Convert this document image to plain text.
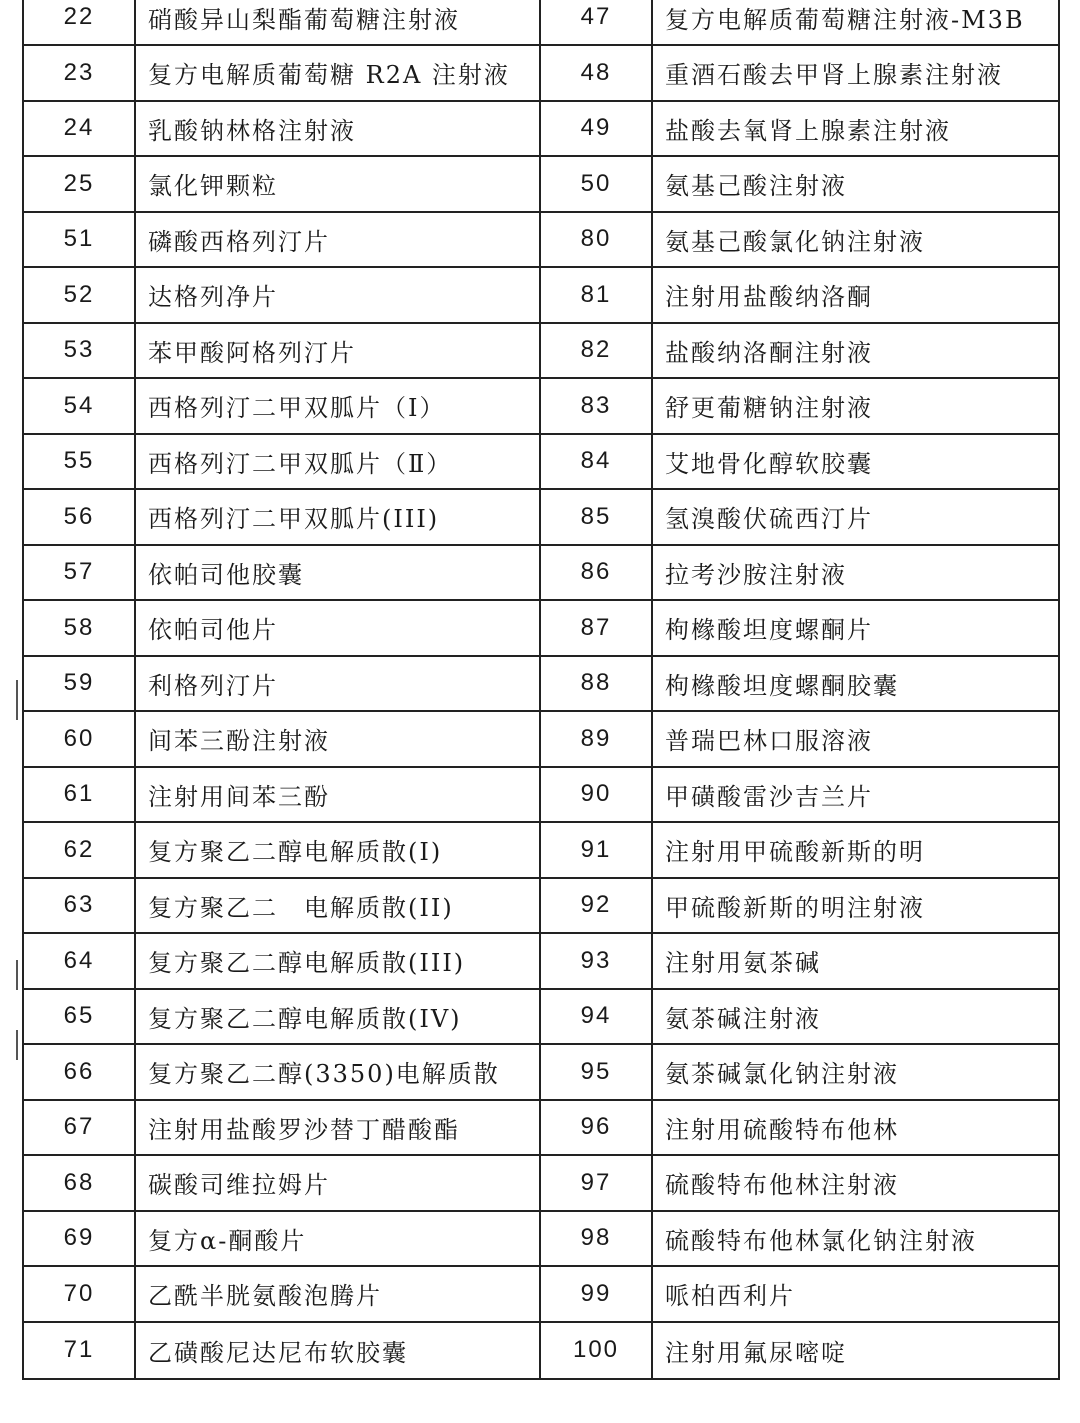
22	硝酸异山梨酯葡萄糖注射液	47	复方电解质葡萄糖注射液-M3B
23	复方电解质葡萄糖 R2A 注射液	48	重酒石酸去甲肾上腺素注射液
24	乳酸钠林格注射液	49	盐酸去氧肾上腺素注射液
25	氯化钾颗粒	50	氨基己酸注射液
51	磷酸西格列汀片	80	氨基己酸氯化钠注射液
52	达格列净片	81	注射用盐酸纳洛酮
53	苯甲酸阿格列汀片	82	盐酸纳洛酮注射液
54	西格列汀二甲双胍片（Ⅰ）	83	舒更葡糖钠注射液
55	西格列汀二甲双胍片（Ⅱ）	84	艾地骨化醇软胶囊
56	西格列汀二甲双胍片(III)	85	氢溴酸伏硫西汀片
57	依帕司他胶囊	86	拉考沙胺注射液
58	依帕司他片	87	枸橼酸坦度螺酮片
59	利格列汀片	88	枸橼酸坦度螺酮胶囊
60	间苯三酚注射液	89	普瑞巴林口服溶液
61	注射用间苯三酚	90	甲磺酸雷沙吉兰片
62	复方聚乙二醇电解质散(I)	91	注射用甲硫酸新斯的明
63	复方聚乙二　电解质散(II)	92	甲硫酸新斯的明注射液
64	复方聚乙二醇电解质散(III)	93	注射用氨茶碱
65	复方聚乙二醇电解质散(IV)	94	氨茶碱注射液
66	复方聚乙二醇(3350)电解质散	95	氨茶碱氯化钠注射液
67	注射用盐酸罗沙替丁醋酸酯	96	注射用硫酸特布他林
68	碳酸司维拉姆片	97	硫酸特布他林注射液
69	复方α-酮酸片	98	硫酸特布他林氯化钠注射液
70	乙酰半胱氨酸泡腾片	99	哌柏西利片
71	乙磺酸尼达尼布软胶囊	100	注射用氟尿嘧啶
